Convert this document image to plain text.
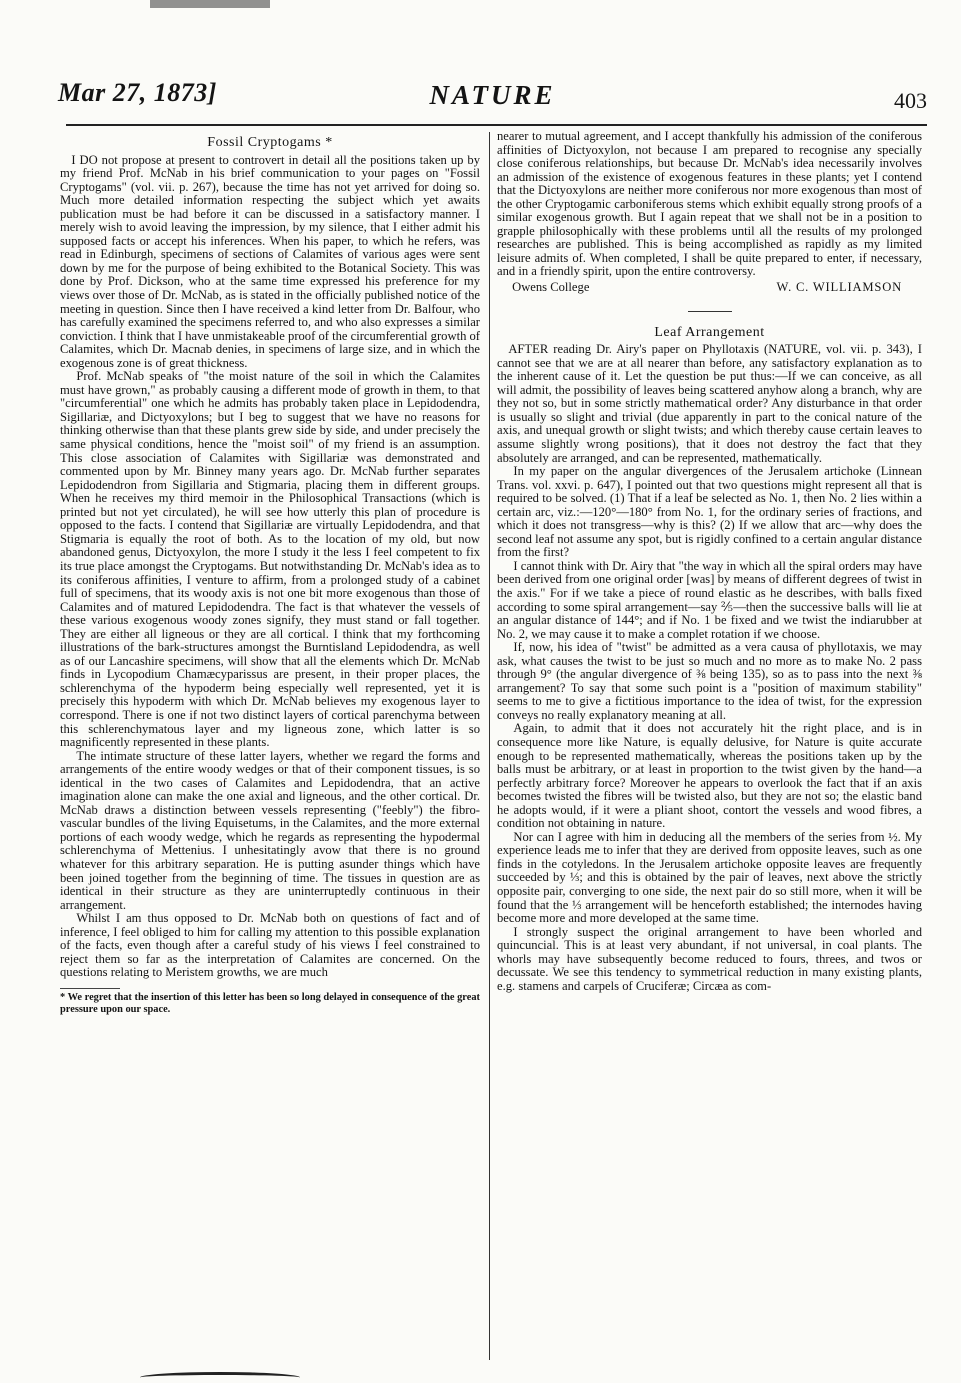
Mar 27, 1873]	NATURE	403
Fossil Cryptogams *

I DO not propose at present to controvert in detail all the positions taken up by my friend Prof. McNab in his brief communication to your pages on "Fossil Cryptogams" (vol. vii. p. 267), because the time has not yet arrived for doing so. Much more detailed information respecting the subject which yet awaits publication must be had before it can be discussed in a satisfactory manner. I merely wish to avoid leaving the impression, by my silence, that I either admit his supposed facts or accept his inferences. When his paper, to which he refers, was read in Edinburgh, specimens of sections of Calamites of various ages were sent down by me for the purpose of being exhibited to the Botanical Society. This was done by Prof. Dickson, who at the same time expressed his preference for my views over those of Dr. McNab, as is stated in the officially published notice of the meeting in question. Since then I have received a kind letter from Dr. Balfour, who has carefully examined the specimens referred to, and who also expresses a similar conviction. I think that I have unmistakeable proof of the circumferential growth of Calamites, which Dr. Macnab denies, in specimens of large size, and in which the exogenous zone is of great thickness.

Prof. McNab speaks of "the moist nature of the soil in which the Calamites must have grown," as probably causing a different mode of growth in them, to that "circumferential" one which he admits has probably taken place in Lepidodendra, Sigillariæ, and Dictyoxylons; but I beg to suggest that we have no reasons for thinking otherwise than that these plants grew side by side, and under precisely the same physical conditions, hence the "moist soil" of my friend is an assumption. This close association of Calamites with Sigillariæ was demonstrated and commented upon by Mr. Binney many years ago. Dr. McNab further separates Lepidodendron from Sigillaria and Stigmaria, placing them in different groups. When he receives my third memoir in the Philosophical Transactions (which is printed but not yet circulated), he will see how utterly this plan of procedure is opposed to the facts. I contend that Sigillariæ are virtually Lepidodendra, and that Stigmaria is equally the root of both. As to the location of my old, but now abandoned genus, Dictyoxylon, the more I study it the less I feel competent to fix its true place amongst the Cryptogams. But notwithstanding Dr. McNab's idea as to its coniferous affinities, I venture to affirm, from a prolonged study of a cabinet full of specimens, that its woody axis is not one bit more exogenous than those of Calamites and of matured Lepidodendra. The fact is that whatever the vessels of these various exogenous woody zones signify, they must stand or fall together. They are either all ligneous or they are all cortical. I think that my forthcoming illustrations of the bark-structures amongst the Burntisland Lepidodendra, as well as of our Lancashire specimens, will show that all the elements which Dr. McNab finds in Lycopodium Chamæcyparissus are present, in their proper places, the schlerenchyma of the hypoderm being especially well represented, yet it is precisely this hypoderm with which Dr. McNab believes my exogenous layer to correspond. There is one if not two distinct layers of cortical parenchyma between this schlerenchymatous layer and my ligneous zone, which latter is so magnificently represented in these plants.

The intimate structure of these latter layers, whether we regard the forms and arrangements of the entire woody wedges or that of their component tissues, is so identical in the two cases of Calamites and Lepidodendra, that an active imagination alone can make the one axial and ligneous, and the other cortical. Dr. McNab draws a distinction between vessels representing ("feebly") the fibro-vascular bundles of the living Equisetums, in the Calamites, and the more external portions of each woody wedge, which he regards as representing the hypodermal schlerenchyma of Mettenius. I unhesitatingly avow that there is no ground whatever for this arbitrary separation. He is putting asunder things which have been joined together from the beginning of time. The tissues in question are as identical in their structure as they are uninterruptedly continuous in their arrangement.

Whilst I am thus opposed to Dr. McNab both on questions of fact and of inference, I feel obliged to him for calling my attention to this possible explanation of the facts, even though after a careful study of his views I feel constrained to reject them so far as the interpretation of Calamites are concerned. On the questions relating to Meristem growths, we are much

* We regret that the insertion of this letter has been so long delayed in consequence of the great pressure upon our space.

nearer to mutual agreement, and I accept thankfully his admission of the coniferous affinities of Dictyoxylon, not because I am prepared to recognise any specially close coniferous relationships, but because Dr. McNab's idea necessarily involves an admission of the existence of exogenous features in these plants; yet I contend that the Dictyoxylons are neither more coniferous nor more exogenous than most of the other Cryptogamic carboniferous stems which exhibit equally strong proofs of a similar exogenous growth. But I again repeat that we shall not be in a position to grapple philosophically with these problems until all the results of my prolonged researches are published. This is being accomplished as rapidly as my limited leisure admits of. When completed, I shall be quite prepared to enter, if necessary, and in a friendly spirit, upon the entire controversy.

W. C. WILLIAMSON
Owens College
Leaf Arrangement

AFTER reading Dr. Airy's paper on Phyllotaxis (NATURE, vol. vii. p. 343), I cannot see that we are at all nearer than before, any satisfactory explanation as to the inherent cause of it. Let the question be put thus:—If we can conceive, as all will admit, the possibility of leaves being scattered anyhow along a branch, why are they not so, but in some strictly mathematical order? Any disturbance in that order is usually so slight and trivial (due apparently in part to the conical nature of the axis, and unequal growth or slight twists; and which thereby cause certain leaves to assume slightly wrong positions), that it does not destroy the fact that they absolutely are arranged, and can be represented, mathematically.

In my paper on the angular divergences of the Jerusalem artichoke (Linnean Trans. vol. xxvi. p. 647), I pointed out that two questions might represent all that is required to be solved. (1) That if a leaf be selected as No. 1, then No. 2 lies within a certain arc, viz.:—120°—180° from No. 1, for the ordinary series of fractions, and which it does not transgress—why is this? (2) If we allow that arc—why does the second leaf not assume any spot, but is rigidly confined to a certain angular distance from the first?

I cannot think with Dr. Airy that "the way in which all the spiral orders may have been derived from one original order [was] by means of different degrees of twist in the axis." For if we take a piece of round elastic as he describes, with balls fixed according to some spiral arrangement—say ⅖—then the successive balls will lie at an angular distance of 144°; and if No. 1 be fixed and we twist the indiarubber at No. 2, we may cause it to make a complet rotation if we choose.

If, now, his idea of "twist" be admitted as a vera causa of phyllotaxis, we may ask, what causes the twist to be just so much and no more as to make No. 2 pass through 9° (the angular divergence of ⅜ being 135), so as to pass into the next ⅜ arrangement? To say that some such point is a "position of maximum stability" seems to me to give a fictitious importance to the idea of twist, for the expression conveys no really explanatory meaning at all.

Again, to admit that it does not accurately hit the right place, and is in consequence more like Nature, is equally delusive, for Nature is quite accurate enough to be represented mathematically, whereas the positions taken up by the balls must be arbitrary, or at least in proportion to the twist given by the hand—a perfectly arbitrary force? Moreover he appears to overlook the fact that if an axis becomes twisted the fibres will be twisted also, but they are not so; the elastic band he adopts would, if it were a pliant shoot, contort the vessels and wood fibres, a condition not obtaining in nature.

Nor can I agree with him in deducing all the members of the series from ½. My experience leads me to infer that they are derived from opposite leaves, such as one finds in the cotyledons. In the Jerusalem artichoke opposite leaves are frequently succeeded by ⅓; and this is obtained by the pair of leaves, next above the strictly opposite pair, converging to one side, the next pair do so still more, when it will be found that the ⅓ arrangement will be henceforth established; the internodes having become more and more developed at the same time.

I strongly suspect the original arrangement to have been whorled and quincuncial. This is at least very abundant, if not universal, in coal plants. The whorls may have subsequently become reduced to fours, threes, and twos or decussate. We see this tendency to symmetrical reduction in many existing plants, e.g. stamens and carpels of Cruciferæ; Circæa as com-
